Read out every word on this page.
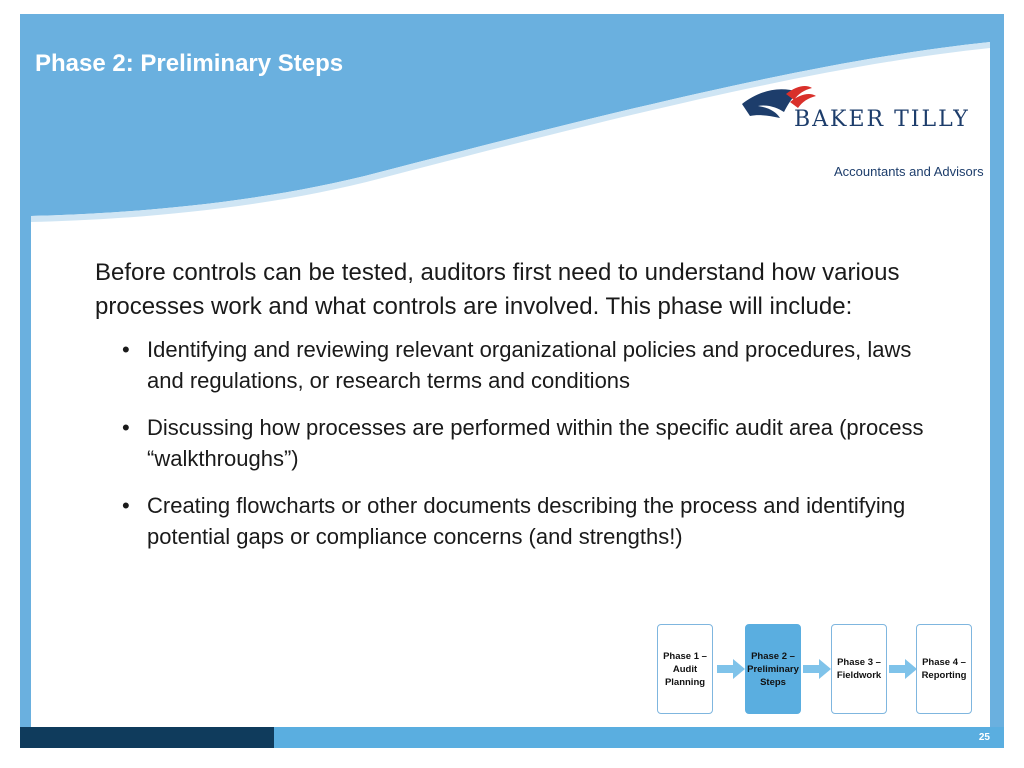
Phase 2: Preliminary Steps
BAKER TILLY
Accountants and Advisors

Before controls can be tested, auditors first need to understand how various processes work and what controls are involved. This phase will include:

• Identifying and reviewing relevant organizational policies and procedures, laws and regulations, or research terms and conditions
• Discussing how processes are performed within the specific audit area (process “walkthroughs”)
• Creating flowcharts or other documents describing the process and identifying potential gaps or compliance concerns (and strengths!)
Phase 1 – Audit Planning
Phase 2 – Preliminary Steps
Phase 3 – Fieldwork
Phase 4 – Reporting
25
